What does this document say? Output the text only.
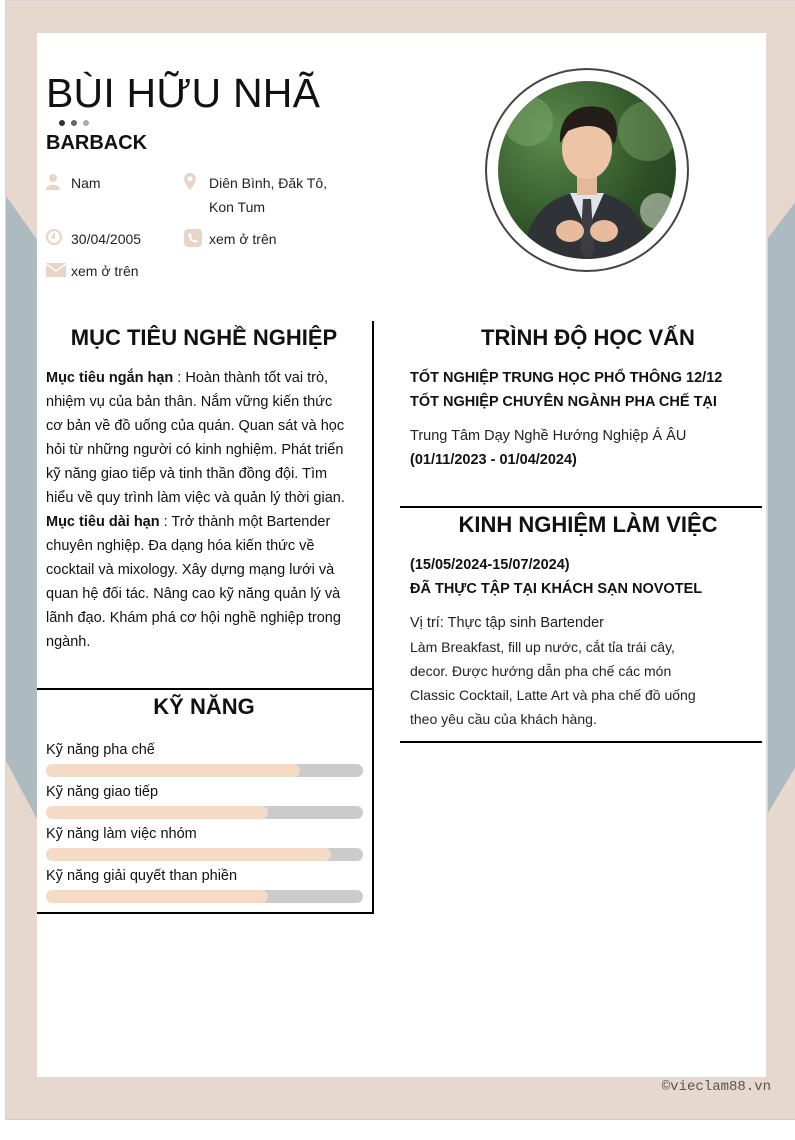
BÙI HỮU NHÃ
BARBACK
Nam	Diên Bình, Đăk Tô,
Kon Tum
30/04/2005	xem ở trên
xem ở trên
MỤC TIÊU NGHỀ NGHIỆP
Mục tiêu ngắn hạn : Hoàn thành tốt vai trò, nhiệm vụ của bản thân. Nắm vững kiến thức cơ bản về đồ uống của quán. Quan sát và học hỏi từ những người có kinh nghiệm. Phát triển kỹ năng giao tiếp và tinh thần đồng đội. Tìm hiểu về quy trình làm việc và quản lý thời gian.
Mục tiêu dài hạn : Trở thành một Bartender chuyên nghiệp. Đa dạng hóa kiến thức về cocktail và mixology. Xây dựng mạng lưới và quan hệ đối tác. Nâng cao kỹ năng quản lý và lãnh đạo. Khám phá cơ hội nghề nghiệp trong ngành.
KỸ NĂNG
Kỹ năng pha chế
Kỹ năng giao tiếp
Kỹ năng làm việc nhóm
Kỹ năng giải quyết than phiền
TRÌNH ĐỘ HỌC VẤN
TỐT NGHIỆP TRUNG HỌC PHỔ THÔNG 12/12
TỐT NGHIỆP CHUYÊN NGÀNH PHA CHẾ TẠI
Trung Tâm Dạy Nghề Hướng Nghiệp Á ÂU
(01/11/2023 - 01/04/2024)
KINH NGHIỆM LÀM VIỆC
(15/05/2024-15/07/2024)
ĐÃ THỰC TẬP TẠI KHÁCH SẠN NOVOTEL
Vị trí: Thực tập sinh Bartender
Làm Breakfast, fill up nước, cắt tỉa trái cây,
decor. Được hướng dẫn pha chế các món
Classic Cocktail, Latte Art và pha chế đồ uống
theo yêu cầu của khách hàng.
©vieclam88.vn
